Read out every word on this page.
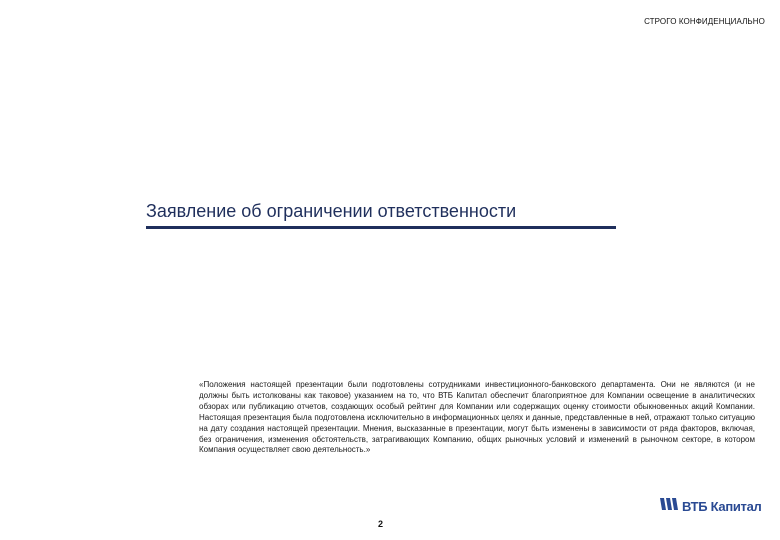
СТРОГО КОНФИДЕНЦИАЛЬНО
Заявление об ограничении ответственности
«Положения настоящей презентации были подготовлены сотрудниками инвестиционного-банковского департамента. Они не являются (и не должны быть истолкованы как таковое) указанием на то, что ВТБ Капитал обеспечит благоприятное для Компании освещение в аналитических обзорах или публикацию отчетов, создающих особый рейтинг для Компании или содержащих оценку стоимости обыкновенных акций Компании. Настоящая презентация была подготовлена исключительно в информационных целях и данные, представленные в ней, отражают только ситуацию на дату создания настоящей презентации. Мнения, высказанные в презентации, могут быть изменены в зависимости от ряда факторов, включая, без ограничения, изменения обстоятельств, затрагивающих Компанию, общих рыночных условий и изменений в рыночном секторе, в котором Компания осуществляет свою деятельность.»
2
ВТБ Капитал
